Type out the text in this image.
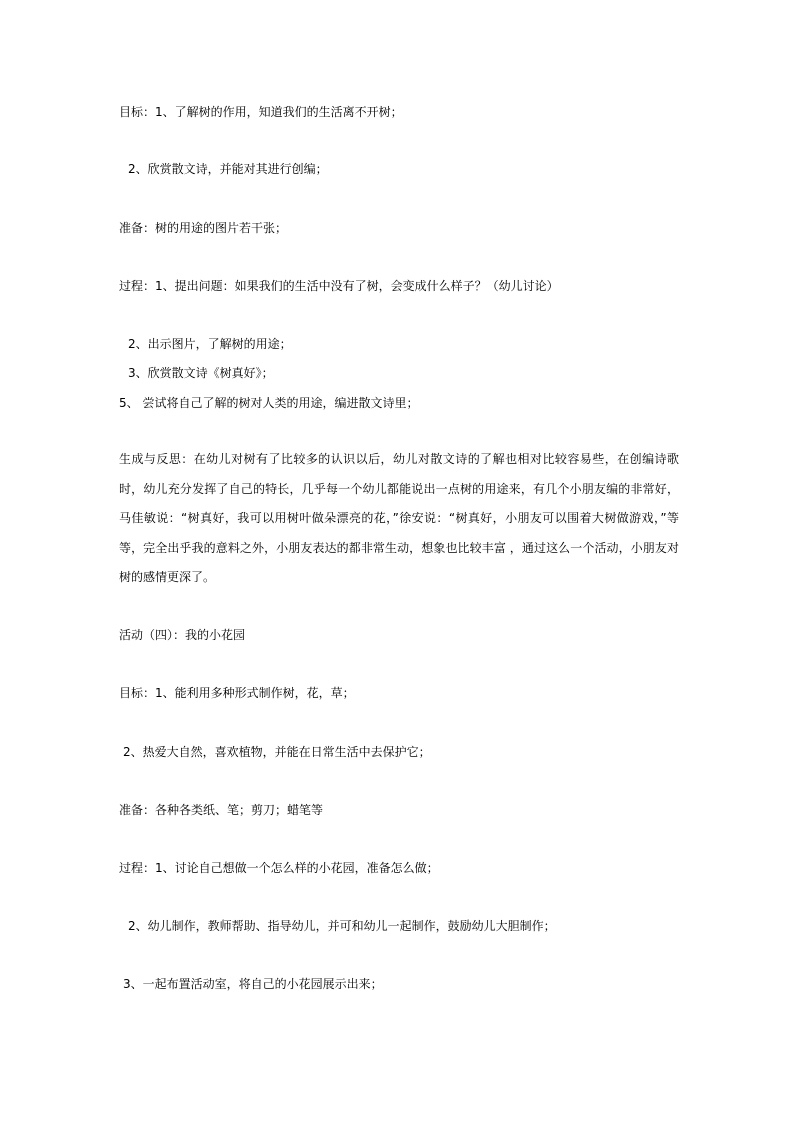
目标：1、了解树的作用，知道我们的生活离不开树；

2、欣赏散文诗，并能对其进行创编；

准备：树的用途的图片若干张；

过程：1、提出问题：如果我们的生活中没有了树，会变成什么样子？（幼儿讨论）

2、出示图片，了解树的用途；

3、欣赏散文诗《树真好》；

5、 尝试将自己了解的树对人类的用途，编进散文诗里；

生成与反思：在幼儿对树有了比较多的认识以后，幼儿对散文诗的了解也相对比较容易些，在创编诗歌时，幼儿充分发挥了自己的特长，几乎每一个幼儿都能说出一点树的用途来，有几个小朋友编的非常好，马佳敏说：“树真好，我可以用树叶做朵漂亮的花，”徐安说：“树真好，小朋友可以围着大树做游戏，”等等，完全出乎我的意料之外，小朋友表达的都非常生动，想象也比较丰富 ，通过这么一个活动，小朋友对树的感情更深了。

活动（四）：我的小花园

目标：1、能利用多种形式制作树，花，草；

2、热爱大自然，喜欢植物，并能在日常生活中去保护它；

准备：各种各类纸、笔；剪刀；蜡笔等

过程：1、讨论自己想做一个怎么样的小花园，准备怎么做；

2、幼儿制作，教师帮助、指导幼儿，并可和幼儿一起制作，鼓励幼儿大胆制作；

3、一起布置活动室，将自己的小花园展示出来；
